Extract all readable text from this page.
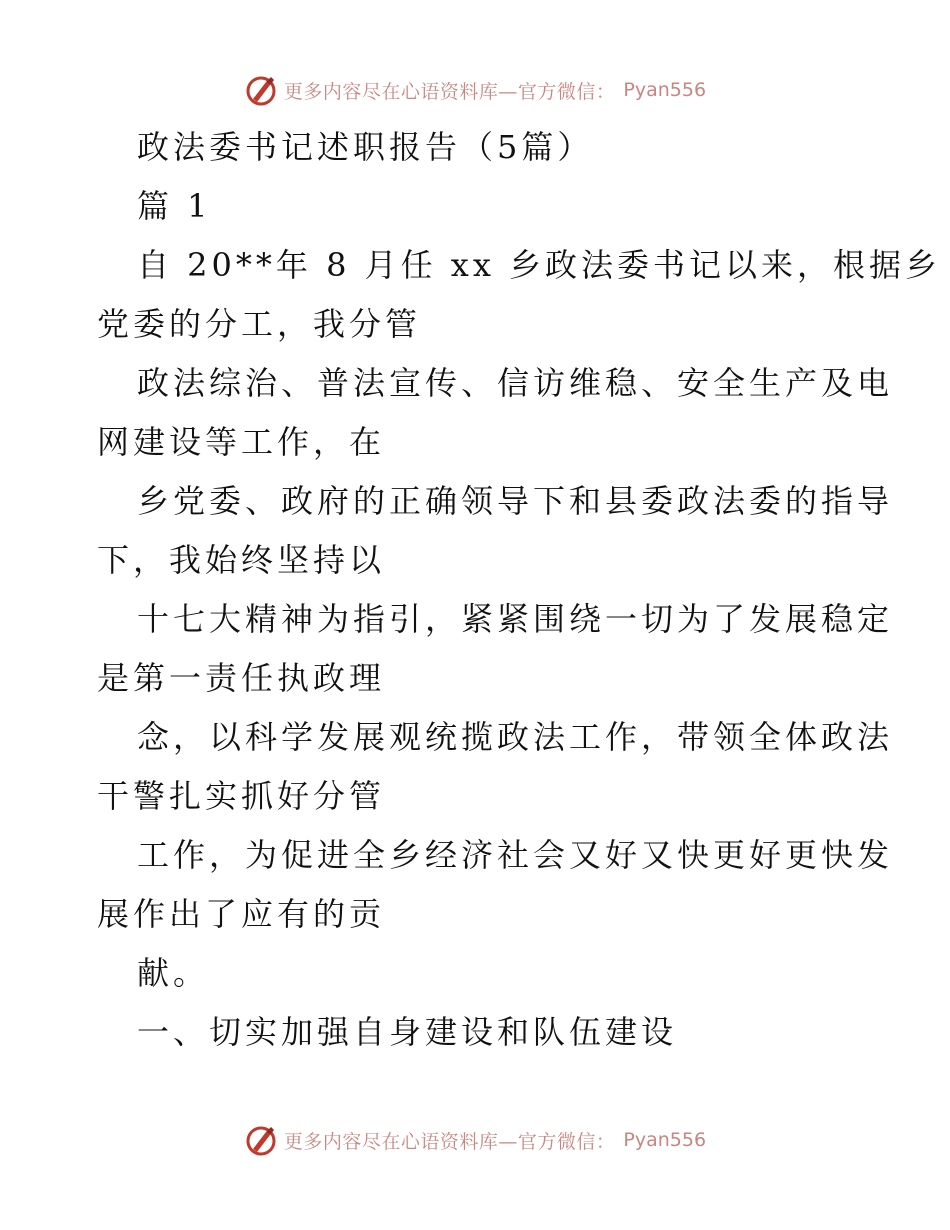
更多内容尽在心语资料库—官方微信： Pyan556
政法委书记述职报告（5篇）
篇 1
自 20**年 8 月任 xx 乡政法委书记以来，根据乡
党委的分工，我分管
政法综治、普法宣传、信访维稳、安全生产及电
网建设等工作，在
乡党委、政府的正确领导下和县委政法委的指导
下，我始终坚持以
十七大精神为指引，紧紧围绕一切为了发展稳定
是第一责任执政理
念，以科学发展观统揽政法工作，带领全体政法
干警扎实抓好分管
工作，为促进全乡经济社会又好又快更好更快发
展作出了应有的贡
献。
一、切实加强自身建设和队伍建设
更多内容尽在心语资料库—官方微信： Pyan556
